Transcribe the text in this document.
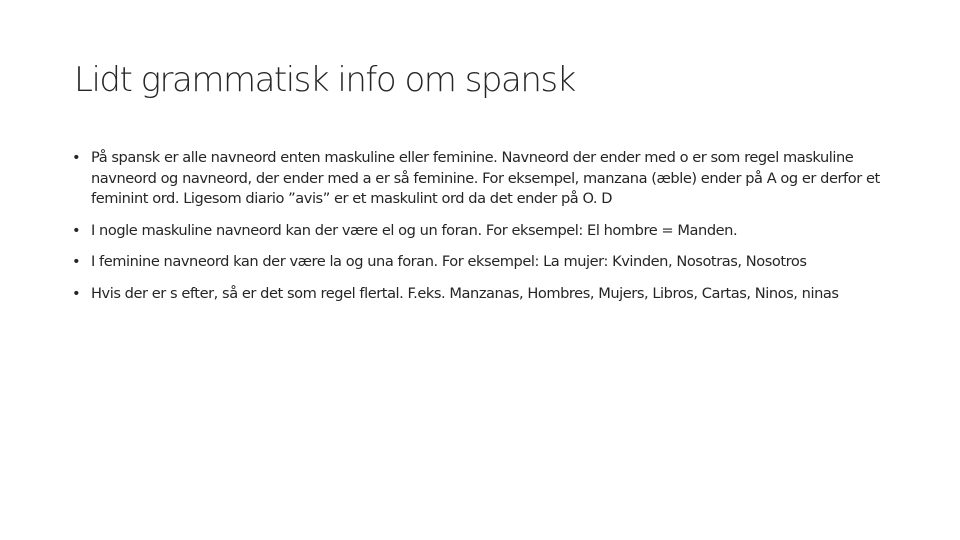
Lidt grammatisk info om spansk
• På spansk er alle navneord enten maskuline eller feminine. Navneord der ender med o er som regel maskuline navneord og navneord, der ender med a er så feminine. For eksempel, manzana (æble) ender på A og er derfor et feminint ord. Ligesom diario ”avis” er et maskulint ord da det ender på O. D
• I nogle maskuline navneord kan der være el og un foran. For eksempel: El hombre = Manden.
• I feminine navneord kan der være la og una foran. For eksempel: La mujer: Kvinden, Nosotras, Nosotros
• Hvis der er s efter, så er det som regel flertal. F.eks. Manzanas, Hombres, Mujers, Libros, Cartas, Ninos, ninas
